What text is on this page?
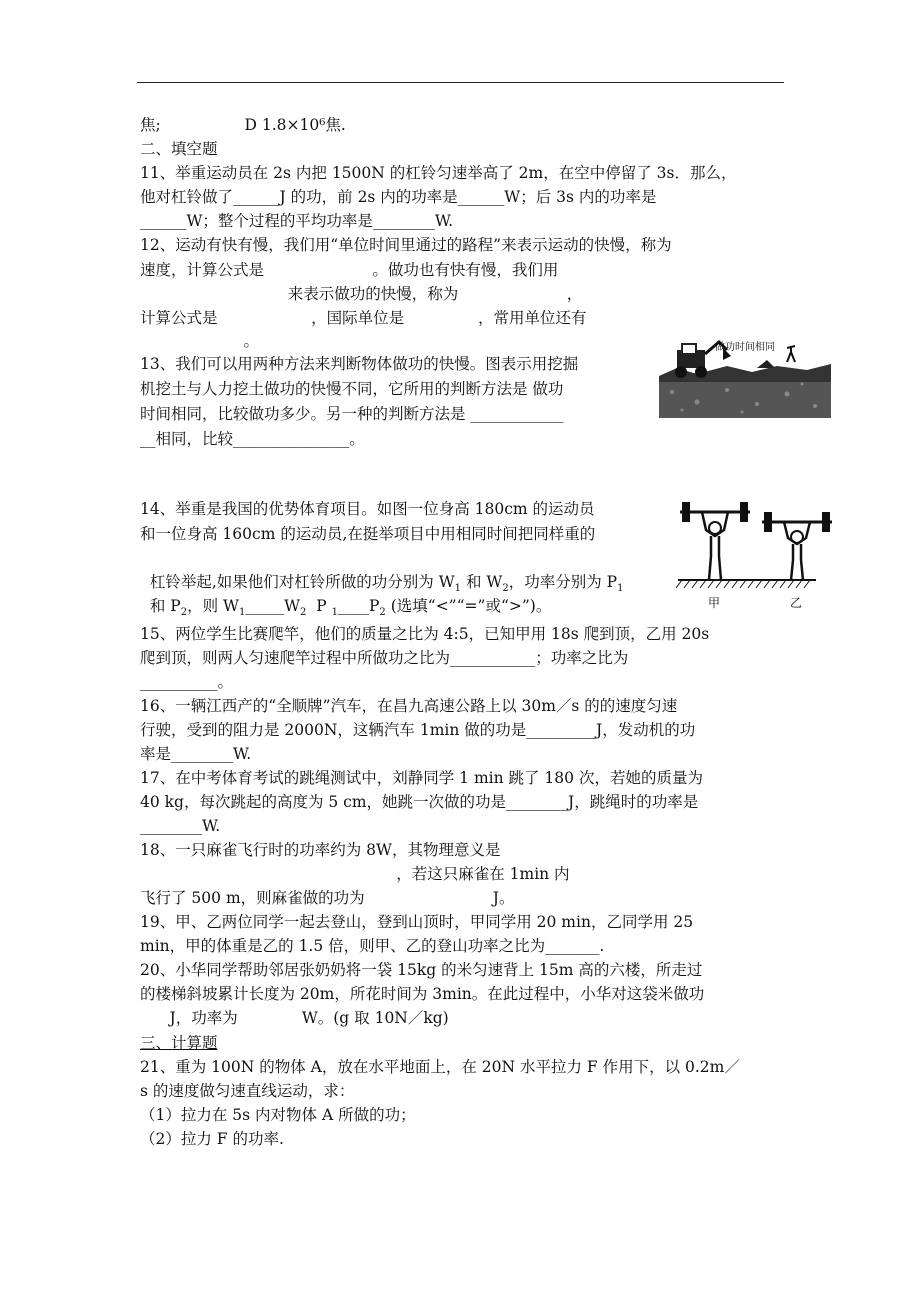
焦;                 D 1.8×10⁶焦.
二、填空题
11、举重运动员在 2s 内把 1500N 的杠铃匀速举高了 2m，在空中停留了 3s．那么，
他对杠铃做了______J 的功，前 2s 内的功率是______W；后 3s 内的功率是
______W；整个过程的平均功率是________W.
12、运动有快有慢，我们用“单位时间里通过的路程”来表示运动的快慢，称为
速度，计算公式是                      。做功也有快有慢，我们用
来表示做功的快慢，称为                      ，
计算公式是                   ，国际单位是               ，常用单位还有
。
13、我们可以用两种方法来判断物体做功的快慢。图表示用挖掘
机挖土与人力挖土做功的快慢不同，它所用的判断方法是 做功
时间相同，比较做功多少。另一种的判断方法是 ____________
__相同，比较_______________。
做功时间相同
14、举重是我国的优势体育项目。如图一位身高 180cm 的运动员
和一位身高 160cm 的运动员,在挺举项目中用相同时间把同样重的

杠铃举起,如果他们对杠铃所做的功分别为 $W_1$ 和 $W_2$，功率分别为 $P_1$

和 $P_2$，则 $W_1\_\_\_\_\_W_2$  P $_1\_\_\_\_P_2$ (选填“<”“=”或“>”)。	甲	乙
15、两位学生比赛爬竿，他们的质量之比为 4:5，已知甲用 18s 爬到顶，乙用 20s
爬到顶，则两人匀速爬竿过程中所做功之比为___________；功率之比为
__________。
16、一辆江西产的“全顺牌”汽车，在昌九高速公路上以 30m／s 的的速度匀速
行驶，受到的阻力是 2000N，这辆汽车 1min 做的功是_________J，发动机的功
率是________W.
17、在中考体育考试的跳绳测试中，刘静同学 1 min 跳了 180 次，若她的质量为
40 kg，每次跳起的高度为 5 cm，她跳一次做的功是________J，跳绳时的功率是
________W.
18、一只麻雀飞行时的功率约为 8W，其物理意义是
，若这只麻雀在 1min 内
飞行了 500 m，则麻雀做的功为                          J。
19、甲、乙两位同学一起去登山，登到山顶时，甲同学用 20 min，乙同学用 25
min，甲的体重是乙的 1.5 倍，则甲、乙的登山功率之比为_______.
20、小华同学帮助邻居张奶奶将一袋 15kg 的米匀速背上 15m 高的六楼，所走过
的楼梯斜坡累计长度为 20m，所花时间为 3min。在此过程中，小华对这袋米做功
J，功率为             W。(g 取 10N／kg)
三、计算题
21、重为 100N 的物体 A，放在水平地面上，在 20N 水平拉力 F 作用下，以 0.2m／
s 的速度做匀速直线运动，求：
（1）拉力在 5s 内对物体 A 所做的功；
（2）拉力 F 的功率.
